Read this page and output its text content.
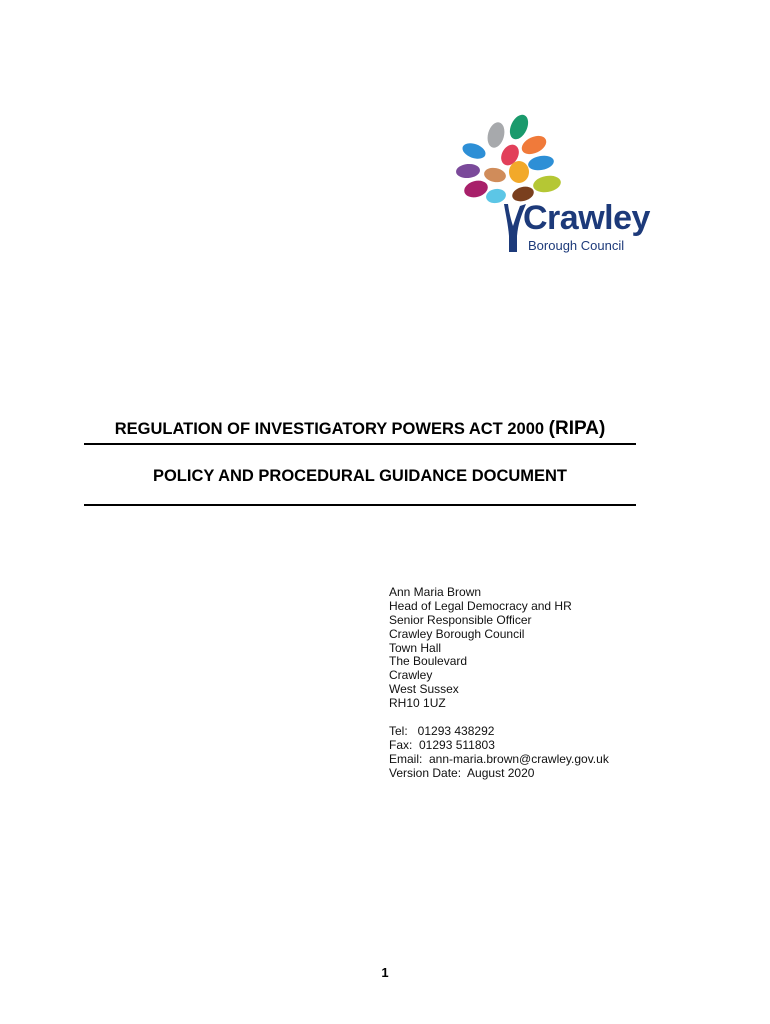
Crawley
Borough Council
REGULATION OF INVESTIGATORY POWERS ACT 2000 (RIPA)
POLICY AND PROCEDURAL GUIDANCE DOCUMENT
Ann Maria Brown
Head of Legal Democracy and HR
Senior Responsible Officer
Crawley Borough Council
Town Hall
The Boulevard
Crawley
West Sussex
RH10 1UZ
Tel:   01293 438292
Fax:  01293 511803
Email:  ann-maria.brown@crawley.gov.uk
Version Date:  August 2020
1
